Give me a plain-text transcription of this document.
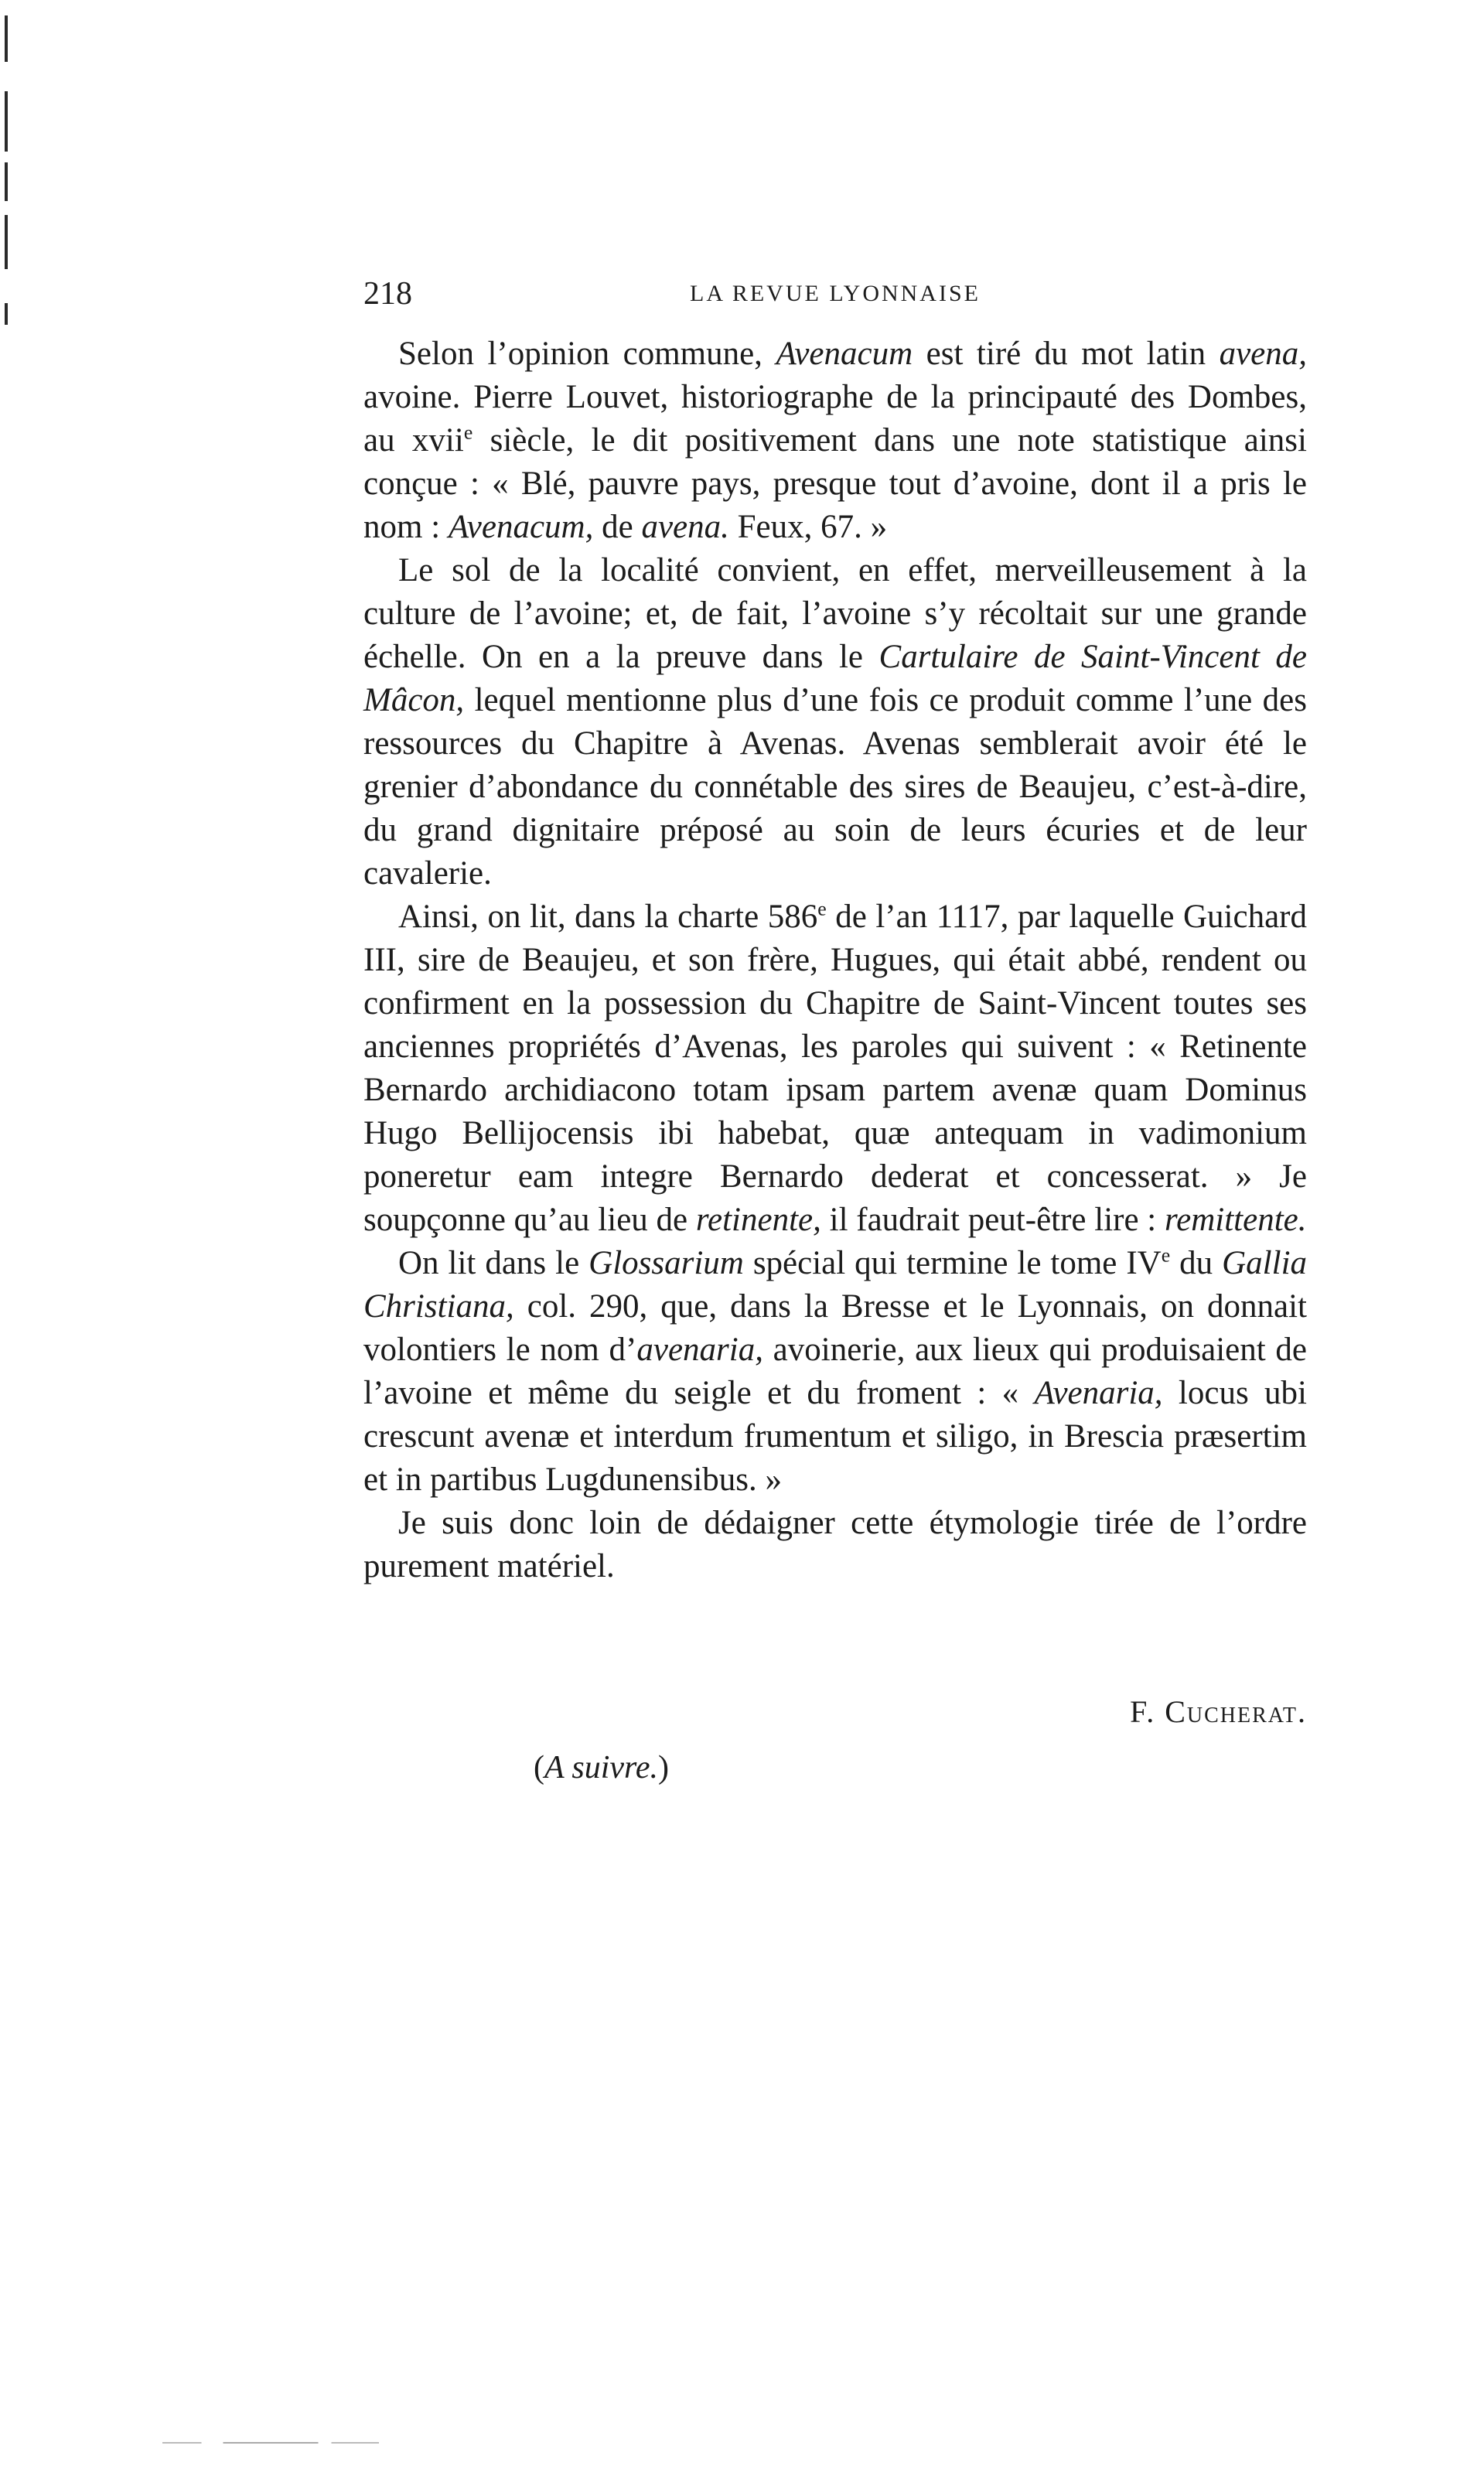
218	LA REVUE LYONNAISE

Selon l’opinion commune, Avenacum est tiré du mot latin avena, avoine. Pierre Louvet, historiographe de la principauté des Dombes, au xvii$^e$ siècle, le dit positivement dans une note statistique ainsi conçue : « Blé, pauvre pays, presque tout d’avoine, dont il a pris le nom : Avenacum, de avena. Feux, 67. »

Le sol de la localité convient, en effet, merveilleusement à la culture de l’avoine; et, de fait, l’avoine s’y récoltait sur une grande échelle. On en a la preuve dans le Cartulaire de Saint-Vincent de Mâcon, lequel mentionne plus d’une fois ce produit comme l’une des ressources du Chapitre à Avenas. Avenas semblerait avoir été le grenier d’abondance du connétable des sires de Beaujeu, c’est-à-dire, du grand dignitaire préposé au soin de leurs écuries et de leur cavalerie.

Ainsi, on lit, dans la charte 586e de l’an 1117, par laquelle Guichard III, sire de Beaujeu, et son frère, Hugues, qui était abbé, rendent ou confirment en la possession du Chapitre de Saint-Vincent toutes ses anciennes propriétés d’Avenas, les paroles qui suivent : « Retinente Bernardo archidiacono totam ipsam partem avenæ quam Dominus Hugo Bellijocensis ibi habebat, quæ antequam in vadimonium poneretur eam integre Bernardo dederat et concesserat. » Je soupçonne qu’au lieu de retinente, il faudrait peut-être lire : remittente.

On lit dans le Glossarium spécial qui termine le tome IVe du Gallia Christiana, col. 290, que, dans la Bresse et le Lyonnais, on donnait volontiers le nom d’avenaria, avoinerie, aux lieux qui produisaient de l’avoine et même du seigle et du froment : « Avenaria, locus ubi crescunt avenæ et interdum frumentum et siligo, in Brescia præsertim et in partibus Lugdunensibus. »

Je suis donc loin de dédaigner cette étymologie tirée de l’ordre purement matériel.

F. Cucherat.
(A suivre.)
